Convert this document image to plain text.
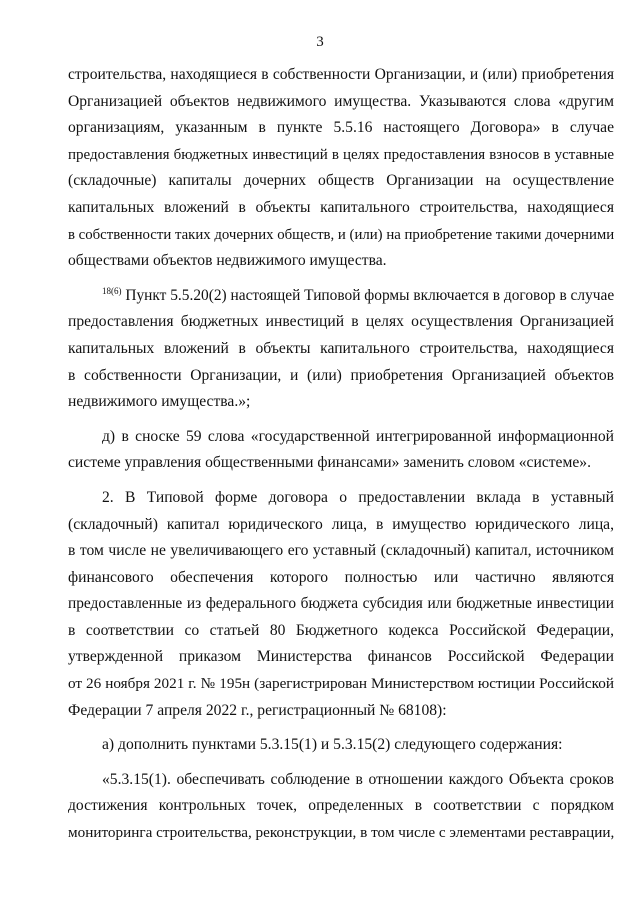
3
строительства, находящиеся в собственности Организации, и (или) приобретения
Организацией объектов недвижимого имущества. Указываются слова «другим
организациям, указанным в пункте 5.5.16 настоящего Договора» в случае
предоставления бюджетных инвестиций в целях предоставления взносов в уставные
(складочные) капиталы дочерних обществ Организации на осуществление
капитальных вложений в объекты капитального строительства, находящиеся
в собственности таких дочерних обществ, и (или) на приобретение такими дочерними
обществами объектов недвижимого имущества.
$^{18(6)}$ Пункт 5.5.20(2) настоящей Типовой формы включается в договор в случае
предоставления бюджетных инвестиций в целях осуществления Организацией
капитальных вложений в объекты капитального строительства, находящиеся
в собственности Организации, и (или) приобретения Организацией объектов
недвижимого имущества.»;
д) в сноске 59 слова «государственной интегрированной информационной
системе управления общественными финансами» заменить словом «системе».
2. В Типовой форме договора о предоставлении вклада в уставный
(складочный) капитал юридического лица, в имущество юридического лица,
в том числе не увеличивающего его уставный (складочный) капитал, источником
финансового обеспечения которого полностью или частично являются
предоставленные из федерального бюджета субсидия или бюджетные инвестиции
в соответствии со статьей 80 Бюджетного кодекса Российской Федерации,
утвержденной приказом Министерства финансов Российской Федерации
от 26 ноября 2021 г. № 195н (зарегистрирован Министерством юстиции Российской
Федерации 7 апреля 2022 г., регистрационный № 68108):
а) дополнить пунктами 5.3.15(1) и 5.3.15(2) следующего содержания:
«5.3.15(1). обеспечивать соблюдение в отношении каждого Объекта сроков
достижения контрольных точек, определенных в соответствии с порядком
мониторинга строительства, реконструкции, в том числе с элементами реставрации,
